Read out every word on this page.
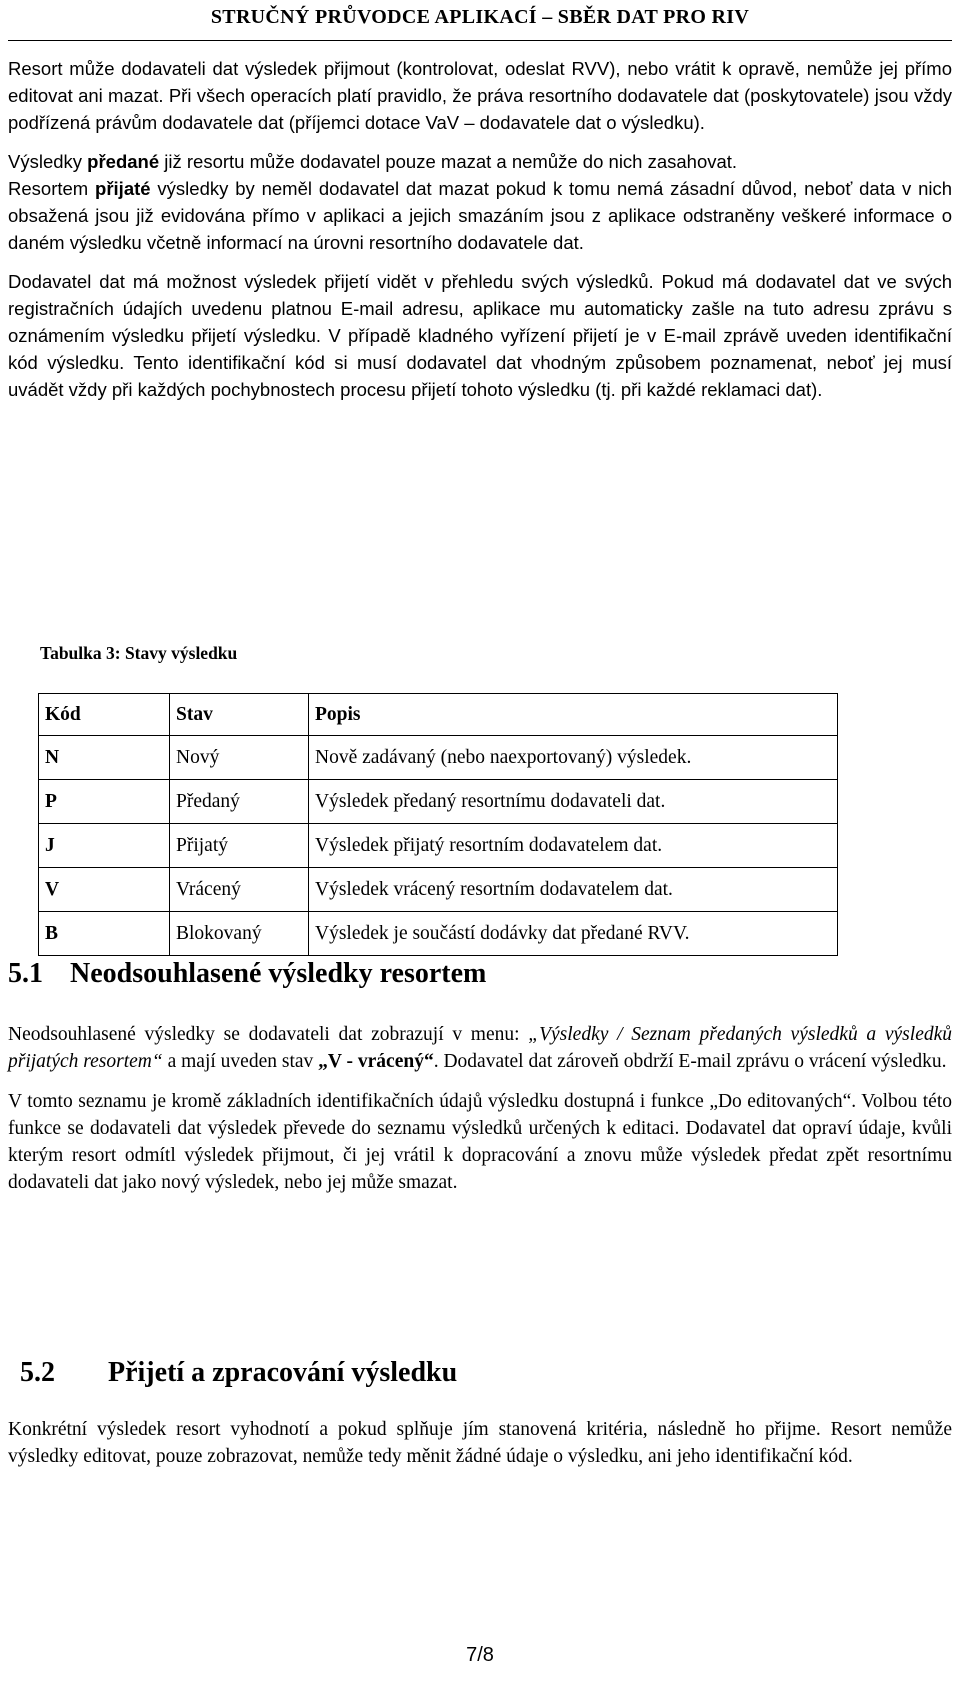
STRUČNÝ PRŮVODCE APLIKACÍ – SBĚR DAT PRO RIV

Resort může dodavateli dat výsledek přijmout (kontrolovat, odeslat RVV), nebo vrátit k opravě, nemůže jej přímo editovat ani mazat. Při všech operacích platí pravidlo, že práva resortního dodavatele dat (poskytovatele) jsou vždy podřízená právům dodavatele dat (příjemci dotace VaV – dodavatele dat o výsledku).

Výsledky předané již resortu může dodavatel pouze mazat a nemůže do nich zasahovat.

Resortem přijaté výsledky by neměl dodavatel dat mazat pokud k tomu nemá zásadní důvod, neboť data v nich obsažená jsou již evidována přímo v aplikaci a jejich smazáním jsou z aplikace odstraněny veškeré informace o daném výsledku včetně informací na úrovni resortního dodavatele dat.

Dodavatel dat má možnost výsledek přijetí vidět v přehledu svých výsledků. Pokud má dodavatel dat ve svých registračních údajích uvedenu platnou E-mail adresu, aplikace mu automaticky zašle na tuto adresu zprávu s oznámením výsledku přijetí výsledku. V případě kladného vyřízení přijetí je v E-mail zprávě uveden identifikační kód výsledku. Tento identifikační kód si musí dodavatel dat vhodným způsobem poznamenat, neboť jej musí uvádět vždy při každých pochybnostech procesu přijetí tohoto výsledku (tj. při každé reklamaci dat).

Tabulka 3: Stavy výsledku
Kód	Stav	Popis
N	Nový	Nově zadávaný (nebo naexportovaný) výsledek.
P	Předaný	Výsledek předaný resortnímu dodavateli dat.
J	Přijatý	Výsledek přijatý resortním dodavatelem dat.
V	Vrácený	Výsledek vrácený resortním dodavatelem dat.
B	Blokovaný	Výsledek je součástí dodávky dat předané RVV.
5.1 Neodsouhlasené výsledky resortem

Neodsouhlasené výsledky se dodavateli dat zobrazují v menu: „Výsledky / Seznam předaných výsledků a výsledků přijatých resortem“ a mají uveden stav „V - vrácený“. Dodavatel dat zároveň obdrží E-mail zprávu o vrácení výsledku.

V tomto seznamu je kromě základních identifikačních údajů výsledku dostupná i funkce „Do editovaných“. Volbou této funkce se dodavateli dat výsledek převede do seznamu výsledků určených k editaci. Dodavatel dat opraví údaje, kvůli kterým resort odmítl výsledek přijmout, či jej vrátil k dopracování a znovu může výsledek předat zpět resortnímu dodavateli dat jako nový výsledek, nebo jej může smazat.

5.2 Přijetí a zpracování výsledku

Konkrétní výsledek resort vyhodnotí a pokud splňuje jím stanovená kritéria, následně ho přijme. Resort nemůže výsledky editovat, pouze zobrazovat, nemůže tedy měnit žádné údaje o výsledku, ani jeho identifikační kód.

7/8
